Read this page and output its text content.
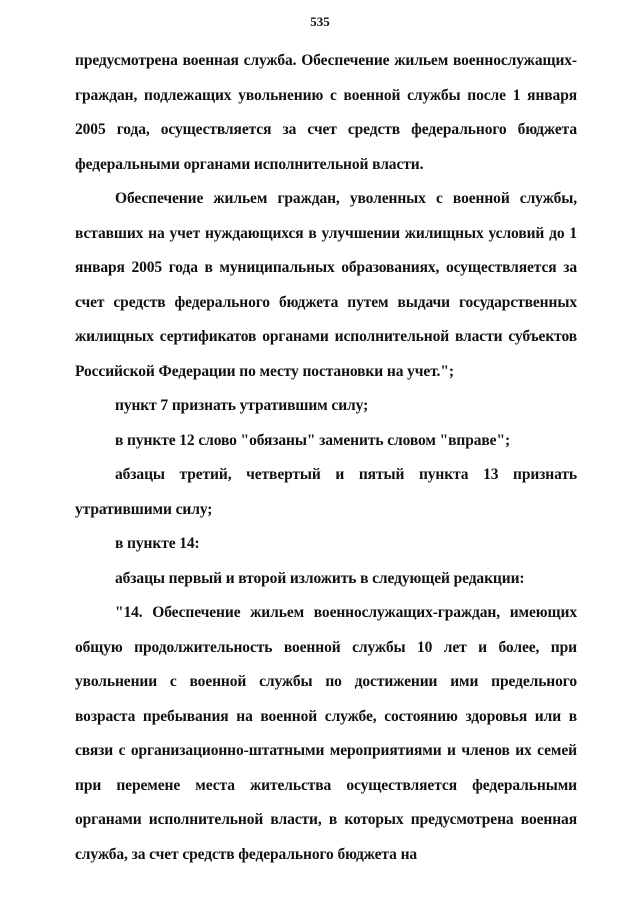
535

предусмотрена военная служба. Обеспечение жильем военнослужащих-граждан, подлежащих увольнению с военной службы после 1 января 2005 года, осуществляется за счет средств федерального бюджета федеральными органами исполнительной власти.

Обеспечение жильем граждан, уволенных с военной службы, вставших на учет нуждающихся в улучшении жилищных условий до 1 января 2005 года в муниципальных образованиях, осуществляется за счет средств федерального бюджета путем выдачи государственных жилищных сертификатов органами исполнительной власти субъектов Российской Федерации по месту постановки на учет.";

пункт 7 признать утратившим силу;

в пункте 12 слово "обязаны" заменить словом "вправе";

абзацы третий, четвертый и пятый пункта 13 признать утратившими силу;

в пункте 14:

абзацы первый и второй изложить в следующей редакции:

"14. Обеспечение жильем военнослужащих-граждан, имеющих общую продолжительность военной службы 10 лет и более, при увольнении с военной службы по достижении ими предельного возраста пребывания на военной службе, состоянию здоровья или в связи с организационно-штатными мероприятиями и членов их семей при перемене места жительства осуществляется федеральными органами исполнительной власти, в которых предусмотрена военная служба, за счет средств федерального бюджета на
